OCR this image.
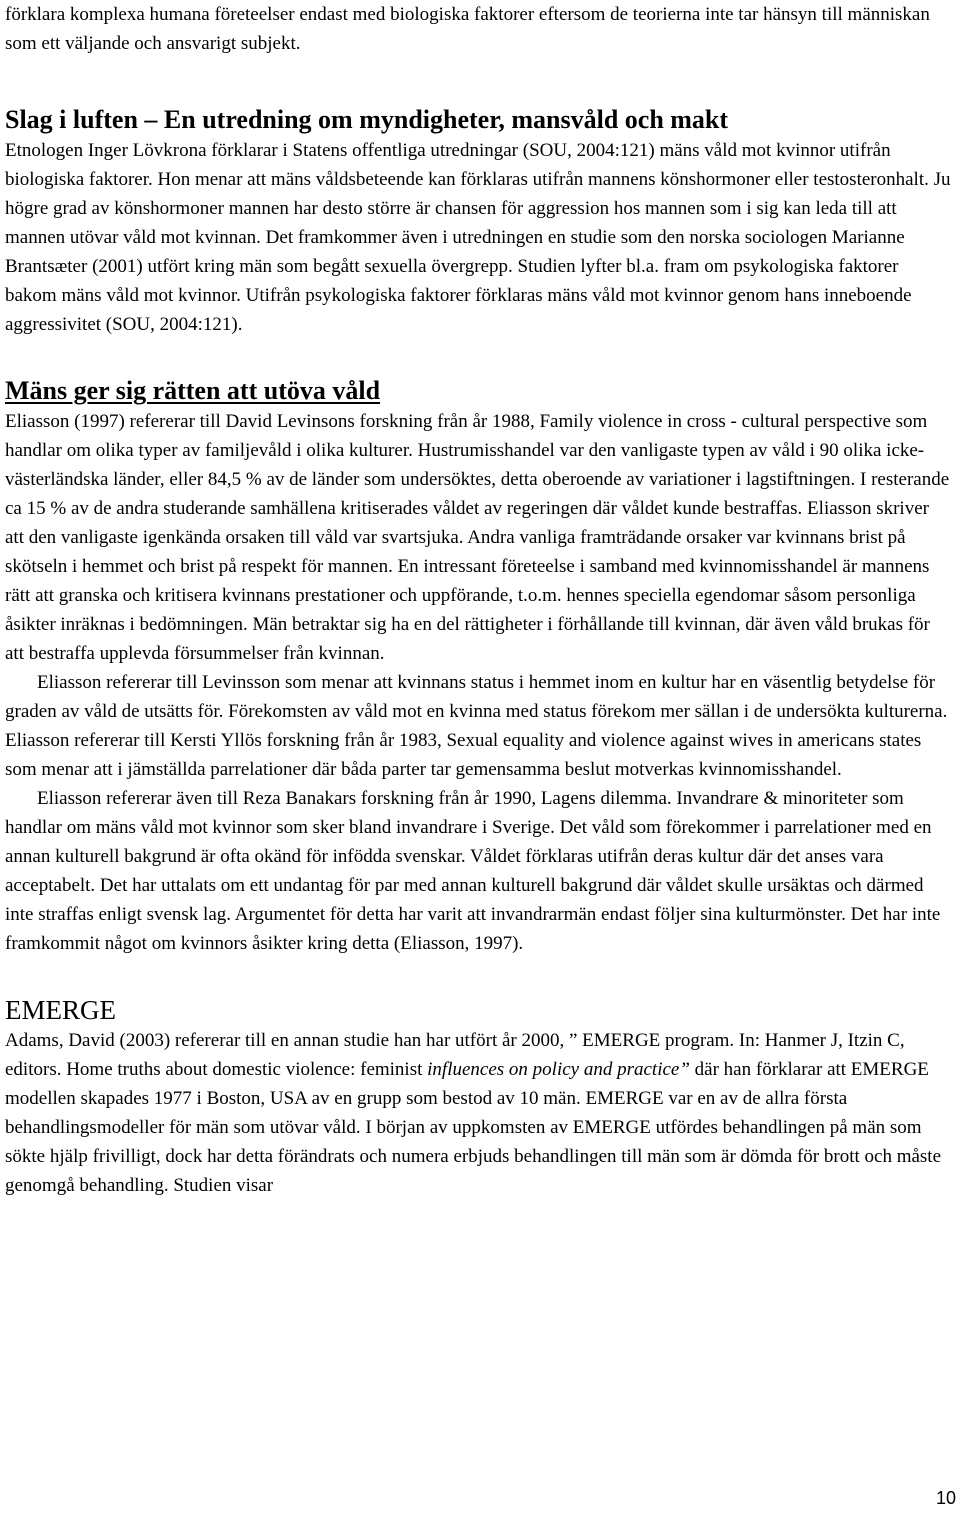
förklara komplexa humana företeelser endast med biologiska faktorer eftersom de teorierna inte tar hänsyn till människan som ett väljande och ansvarigt subjekt.

Slag i luften – En utredning om myndigheter, mansvåld och makt

Etnologen Inger Lövkrona förklarar i Statens offentliga utredningar (SOU, 2004:121) mäns våld mot kvinnor utifrån biologiska faktorer. Hon menar att mäns våldsbeteende kan förklaras utifrån mannens könshormoner eller testosteronhalt. Ju högre grad av könshormoner mannen har desto större är chansen för aggression hos mannen som i sig kan leda till att mannen utövar våld mot kvinnan. Det framkommer även i utredningen en studie som den norska sociologen Marianne Brantsæter (2001) utfört kring män som begått sexuella övergrepp. Studien lyfter bl.a. fram om psykologiska faktorer bakom mäns våld mot kvinnor. Utifrån psykologiska faktorer förklaras mäns våld mot kvinnor genom hans inneboende aggressivitet (SOU, 2004:121).

Mäns ger sig rätten att utöva våld

Eliasson (1997) refererar till David Levinsons forskning från år 1988, Family violence in cross - cultural perspective som handlar om olika typer av familjevåld i olika kulturer. Hustrumisshandel var den vanligaste typen av våld i 90 olika icke-västerländska länder, eller 84,5 % av de länder som undersöktes, detta oberoende av variationer i lagstiftningen. I resterande ca 15 % av de andra studerande samhällena kritiserades våldet av regeringen där våldet kunde bestraffas. Eliasson skriver att den vanligaste igenkända orsaken till våld var svartsjuka. Andra vanliga framträdande orsaker var kvinnans brist på skötseln i hemmet och brist på respekt för mannen. En intressant företeelse i samband med kvinnomisshandel är mannens rätt att granska och kritisera kvinnans prestationer och uppförande, t.o.m. hennes speciella egendomar såsom personliga åsikter inräknas i bedömningen. Män betraktar sig ha en del rättigheter i förhållande till kvinnan, där även våld brukas för att bestraffa upplevda försummelser från kvinnan.

Eliasson refererar till Levinsson som menar att kvinnans status i hemmet inom en kultur har en väsentlig betydelse för graden av våld de utsätts för. Förekomsten av våld mot en kvinna med status förekom mer sällan i de undersökta kulturerna. Eliasson refererar till Kersti Yllös forskning från år 1983, Sexual equality and violence against wives in americans states som menar att i jämställda parrelationer där båda parter tar gemensamma beslut motverkas kvinnomisshandel.

Eliasson refererar även till Reza Banakars forskning från år 1990, Lagens dilemma. Invandrare & minoriteter som handlar om mäns våld mot kvinnor som sker bland invandrare i Sverige. Det våld som förekommer i parrelationer med en annan kulturell bakgrund är ofta okänd för infödda svenskar. Våldet förklaras utifrån deras kultur där det anses vara acceptabelt. Det har uttalats om ett undantag för par med annan kulturell bakgrund där våldet skulle ursäktas och därmed inte straffas enligt svensk lag. Argumentet för detta har varit att invandrarmän endast följer sina kulturmönster. Det har inte framkommit något om kvinnors åsikter kring detta (Eliasson, 1997).

EMERGE

Adams, David (2003) refererar till en annan studie han har utfört år 2000, ” EMERGE program. In: Hanmer J, Itzin C, editors. Home truths about domestic violence: feminist influences on policy and practice” där han förklarar att EMERGE modellen skapades 1977 i Boston, USA av en grupp som bestod av 10 män. EMERGE var en av de allra första behandlingsmodeller för män som utövar våld. I början av uppkomsten av EMERGE utfördes behandlingen på män som sökte hjälp frivilligt, dock har detta förändrats och numera erbjuds behandlingen till män som är dömda för brott och måste genomgå behandling. Studien visar

10
